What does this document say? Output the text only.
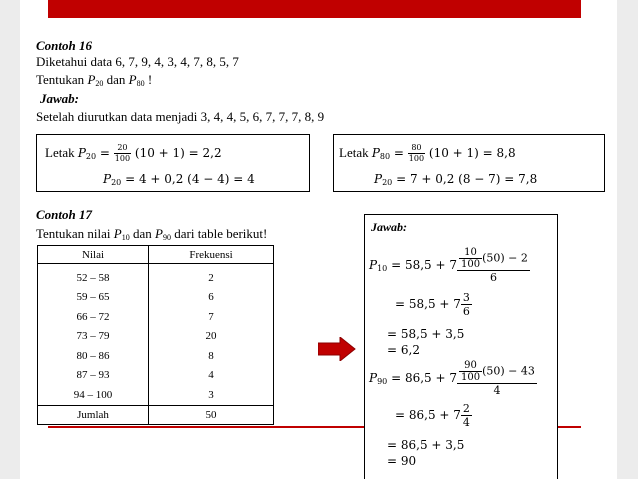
Contoh 16
Diketahui data 6, 7, 9, 4, 3, 4, 7, 8, 5, 7
Tentukan $P_{20}$ dan $P_{80}$ !
Jawab:
Setelah diurutkan data menjadi 3, 4, 4, 5, 6, 7, 7, 7, 8, 9
Letak $P_{20} = \frac{20}{100} (10 + 1) = 2,2$
$P_{20} = 4 + 0,2$ (4 − 4) = 4
Letak $P_{80} = \frac{80}{100} (10 + 1) = 8,8$
$P_{20} = 7 + 0,2$ (8 − 7) = 7,8
Contoh 17
Tentukan nilai $P_{10}$ dan $P_{90}$ dari table berikut!
Nilai	Frekuensi
52 – 58	2
59 – 65	6
66 – 72	7
73 – 79	20
80 – 86	8
87 – 93	4
94 – 100	3
Jumlah	50
Jawab:
$P_{10} = 58,5 + 7 \frac{\frac{10}{100} (50) - 2}{6}$
= $58,5 + 7 \frac{3}{6}$
= 58,5 + 3,5
= 6,2
$P_{90} = 86,5 + 7 \frac{\frac{90}{100} (50) - 43}{4}$
= $86,5 + 7 \frac{2}{4}$
= 86,5 + 3,5
= 90
